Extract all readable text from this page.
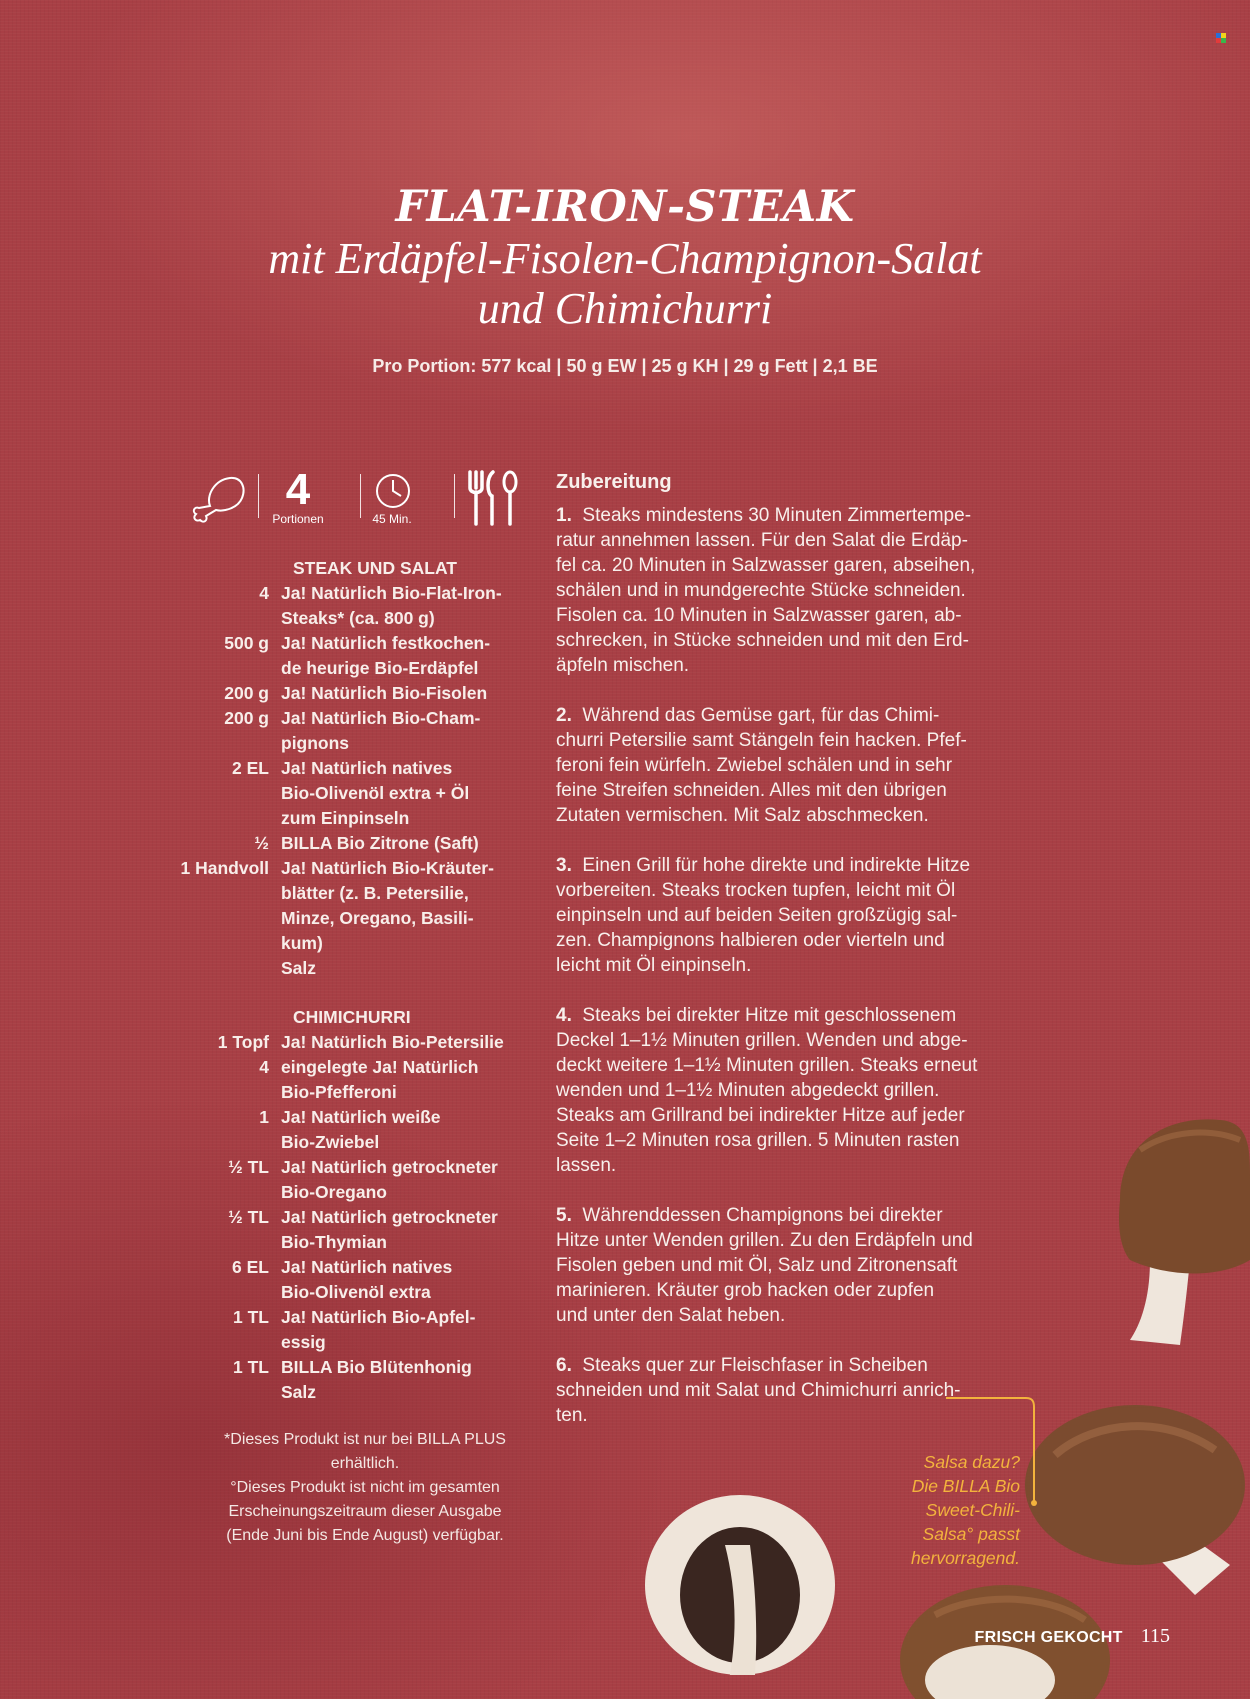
FLAT-IRON-STEAK
mit Erdäpfel-Fisolen-Champignon-Salat
und Chimichurri
Pro Portion: 577 kcal | 50 g EW | 25 g KH | 29 g Fett | 2,1 BE
4
Portionen	45 Min.
STEAK UND SALAT
4 Ja! Natürlich Bio-Flat-Iron-
Steaks* (ca. 800 g)
500 g Ja! Natürlich festkochen-
de heurige Bio-Erdäpfel
200 g Ja! Natürlich Bio-Fisolen
200 g Ja! Natürlich Bio-Cham-
pignons
2 EL Ja! Natürlich natives
Bio-Olivenöl extra + Öl
zum Einpinseln
½ BILLA Bio Zitrone (Saft)
1 Handvoll Ja! Natürlich Bio-Kräuter-
blätter (z. B. Petersilie,
Minze, Oregano, Basili-
kum)
Salz
CHIMICHURRI
1 Topf Ja! Natürlich Bio-Petersilie
4 eingelegte Ja! Natürlich
Bio-Pfefferoni
1 Ja! Natürlich weiße
Bio-Zwiebel
½ TL Ja! Natürlich getrockneter
Bio-Oregano
½ TL Ja! Natürlich getrockneter
Bio-Thymian
6 EL Ja! Natürlich natives
Bio-Olivenöl extra
1 TL Ja! Natürlich Bio-Apfel-
essig
1 TL BILLA Bio Blütenhonig
Salz
*Dieses Produkt ist nur bei BILLA PLUS
erhältlich.
°Dieses Produkt ist nicht im gesamten
Erscheinungszeitraum dieser Ausgabe
(Ende Juni bis Ende August) verfügbar.
Zubereitung
1. Steaks mindestens 30 Minuten Zimmertempe-
ratur annehmen lassen. Für den Salat die Erdäp-
fel ca. 20 Minuten in Salzwasser garen, abseihen,
schälen und in mundgerechte Stücke schneiden.
Fisolen ca. 10 Minuten in Salzwasser garen, ab-
schrecken, in Stücke schneiden und mit den Erd-
äpfeln mischen.
2. Während das Gemüse gart, für das Chimi-
churri Petersilie samt Stängeln fein hacken. Pfef-
feroni fein würfeln. Zwiebel schälen und in sehr
feine Streifen schneiden. Alles mit den übrigen
Zutaten vermischen. Mit Salz abschmecken.
3. Einen Grill für hohe direkte und indirekte Hitze
vorbereiten. Steaks trocken tupfen, leicht mit Öl
einpinseln und auf beiden Seiten großzügig sal-
zen. Champignons halbieren oder vierteln und
leicht mit Öl einpinseln.
4. Steaks bei direkter Hitze mit geschlossenem
Deckel 1–1½ Minuten grillen. Wenden und abge-
deckt weitere 1–1½ Minuten grillen. Steaks erneut
wenden und 1–1½ Minuten abgedeckt grillen.
Steaks am Grillrand bei indirekter Hitze auf jeder
Seite 1–2 Minuten rosa grillen. 5 Minuten rasten
lassen.
5. Währenddessen Champignons bei direkter
Hitze unter Wenden grillen. Zu den Erdäpfeln und
Fisolen geben und mit Öl, Salz und Zitronensaft
marinieren. Kräuter grob hacken oder zupfen
und unter den Salat heben.
6. Steaks quer zur Fleischfaser in Scheiben
schneiden und mit Salat und Chimichurri anrich-
ten.
Salsa dazu?
Die BILLA Bio
Sweet-Chili-
Salsa° passt
hervorragend.
FRISCH GEKOCHT 115
